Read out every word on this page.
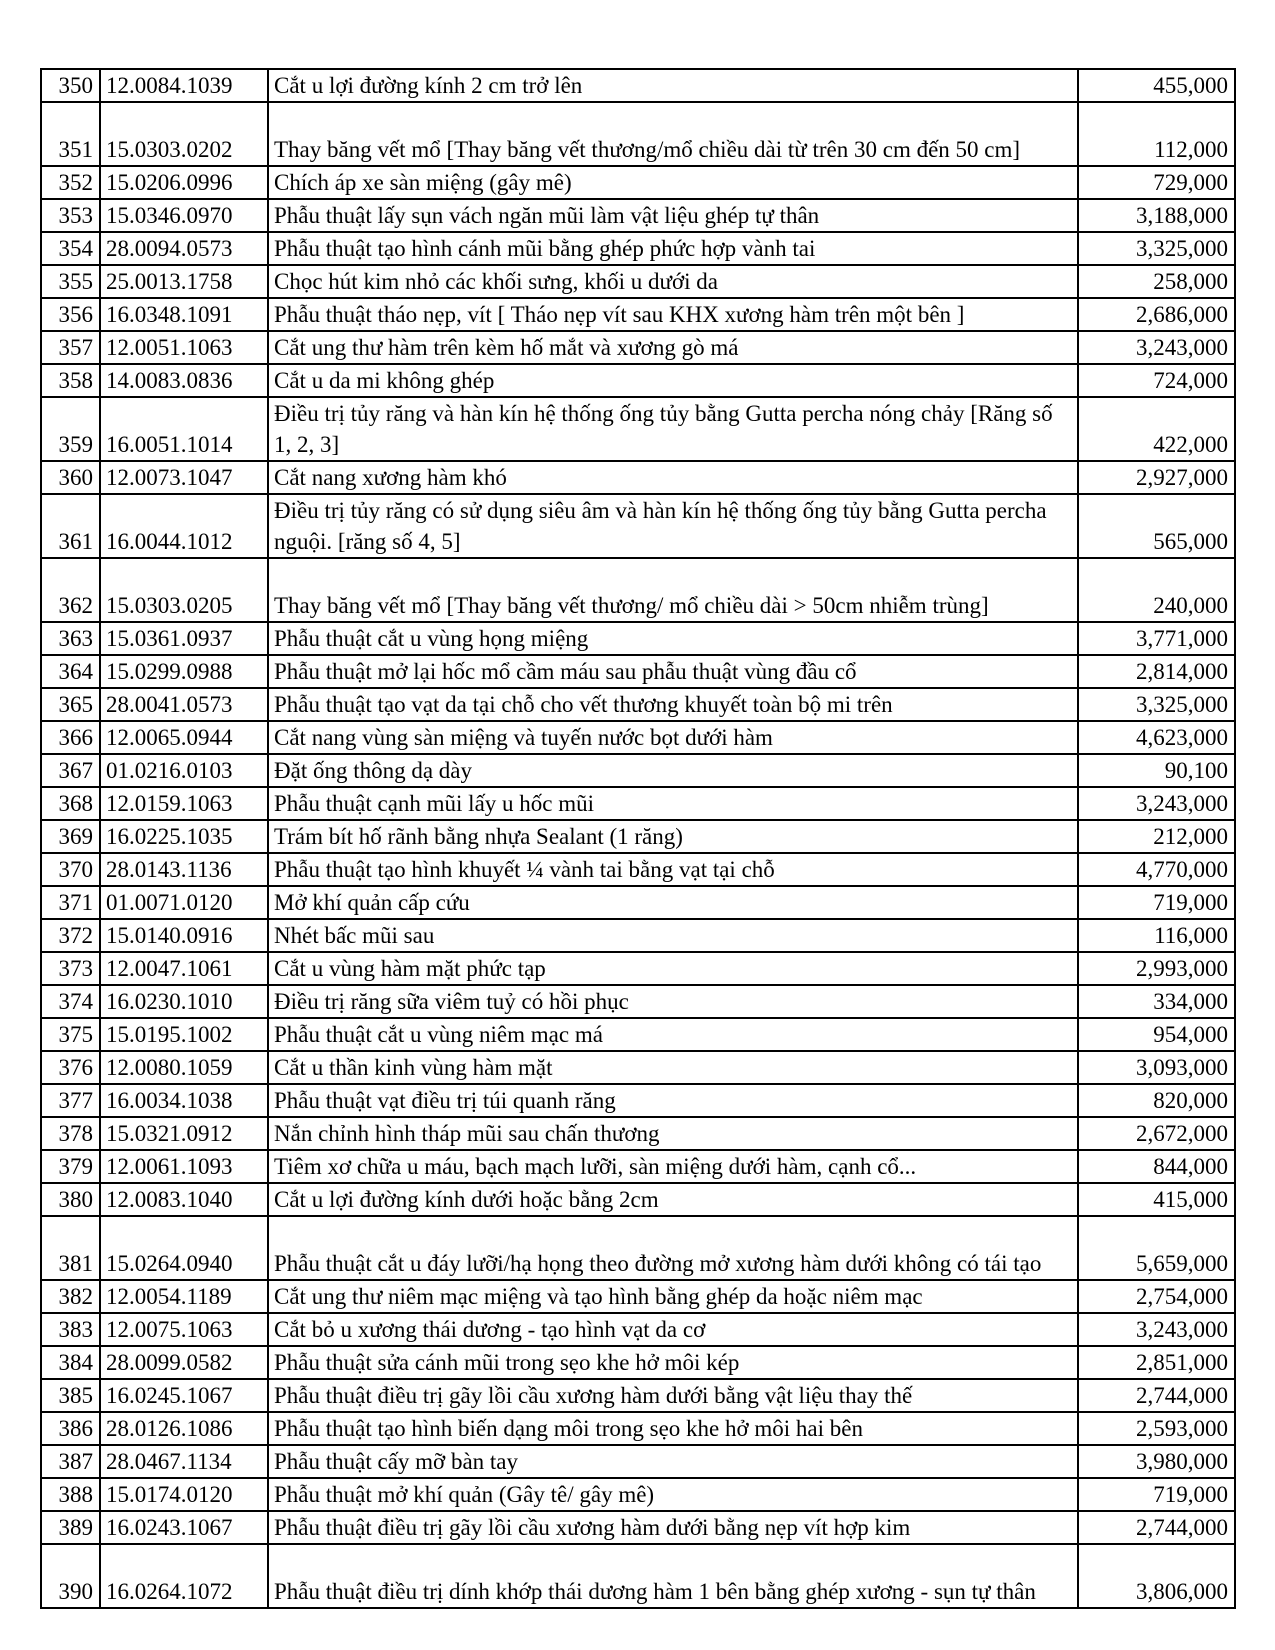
350	12.0084.1039	Cắt u lợi đường kính 2 cm trở lên	455,000
351	15.0303.0202	Thay băng vết mổ [Thay băng vết thương/mổ chiều dài từ trên 30 cm đến 50 cm]	112,000
352	15.0206.0996	Chích áp xe sàn miệng (gây mê)	729,000
353	15.0346.0970	Phẫu thuật lấy sụn vách ngăn mũi làm vật liệu ghép tự thân	3,188,000
354	28.0094.0573	Phẫu thuật tạo hình cánh mũi bằng ghép phức hợp vành tai	3,325,000
355	25.0013.1758	Chọc hút kim nhỏ các khối sưng, khối u dưới da	258,000
356	16.0348.1091	Phẫu thuật tháo nẹp, vít [ Tháo nẹp vít sau KHX xương hàm trên một bên ]	2,686,000
357	12.0051.1063	Cắt ung thư hàm trên kèm hố mắt và xương gò má	3,243,000
358	14.0083.0836	Cắt u da mi không ghép	724,000
359	16.0051.1014	Điều trị tủy răng và hàn kín hệ thống ống tủy bằng Gutta percha nóng chảy [Răng số 1, 2, 3]	422,000
360	12.0073.1047	Cắt nang xương hàm khó	2,927,000
361	16.0044.1012	Điều trị tủy răng có sử dụng siêu âm và hàn kín hệ thống ống tủy bằng Gutta percha nguội. [răng số 4, 5]	565,000
362	15.0303.0205	Thay băng vết mổ [Thay băng vết thương/ mổ chiều dài > 50cm nhiễm trùng]	240,000
363	15.0361.0937	Phẫu thuật cắt u vùng họng miệng	3,771,000
364	15.0299.0988	Phẫu thuật mở lại hốc mổ cầm máu sau phẫu thuật vùng đầu cổ	2,814,000
365	28.0041.0573	Phẫu thuật tạo vạt da tại chỗ cho vết thương khuyết toàn bộ mi trên	3,325,000
366	12.0065.0944	Cắt nang vùng sàn miệng và tuyến nước bọt dưới hàm	4,623,000
367	01.0216.0103	Đặt ống thông dạ dày	90,100
368	12.0159.1063	Phẫu thuật cạnh mũi lấy u hốc mũi	3,243,000
369	16.0225.1035	Trám bít hố rãnh bằng nhựa Sealant (1 răng)	212,000
370	28.0143.1136	Phẫu thuật tạo hình khuyết ¼ vành tai bằng vạt tại chỗ	4,770,000
371	01.0071.0120	Mở khí quản cấp cứu	719,000
372	15.0140.0916	Nhét bấc mũi sau	116,000
373	12.0047.1061	Cắt u vùng hàm mặt phức tạp	2,993,000
374	16.0230.1010	Điều trị răng sữa viêm tuỷ có hồi phục	334,000
375	15.0195.1002	Phẫu thuật cắt u vùng niêm mạc má	954,000
376	12.0080.1059	Cắt u thần kinh vùng hàm mặt	3,093,000
377	16.0034.1038	Phẫu thuật vạt điều trị túi quanh răng	820,000
378	15.0321.0912	Nắn chỉnh hình tháp mũi sau chấn thương	2,672,000
379	12.0061.1093	Tiêm xơ chữa u máu, bạch mạch lưỡi, sàn miệng dưới hàm, cạnh cổ...	844,000
380	12.0083.1040	Cắt u lợi đường kính dưới hoặc bằng 2cm	415,000
381	15.0264.0940	Phẫu thuật cắt u đáy lưỡi/hạ họng theo đường mở xương hàm dưới không có tái tạo	5,659,000
382	12.0054.1189	Cắt ung thư niêm mạc miệng và tạo hình bằng ghép da hoặc niêm mạc	2,754,000
383	12.0075.1063	Cắt bỏ u xương thái dương - tạo hình vạt da cơ	3,243,000
384	28.0099.0582	Phẫu thuật sửa cánh mũi trong sẹo khe hở môi kép	2,851,000
385	16.0245.1067	Phẫu thuật điều trị gãy lồi cầu xương hàm dưới bằng vật liệu thay thế	2,744,000
386	28.0126.1086	Phẫu thuật tạo hình biến dạng môi trong sẹo khe hở môi hai bên	2,593,000
387	28.0467.1134	Phẫu thuật cấy mỡ bàn tay	3,980,000
388	15.0174.0120	Phẫu thuật mở khí quản (Gây tê/ gây mê)	719,000
389	16.0243.1067	Phẫu thuật điều trị gãy lồi cầu xương hàm dưới bằng nẹp vít hợp kim	2,744,000
390	16.0264.1072	Phẫu thuật điều trị dính khớp thái dương hàm 1 bên bằng ghép xương - sụn tự thân	3,806,000
